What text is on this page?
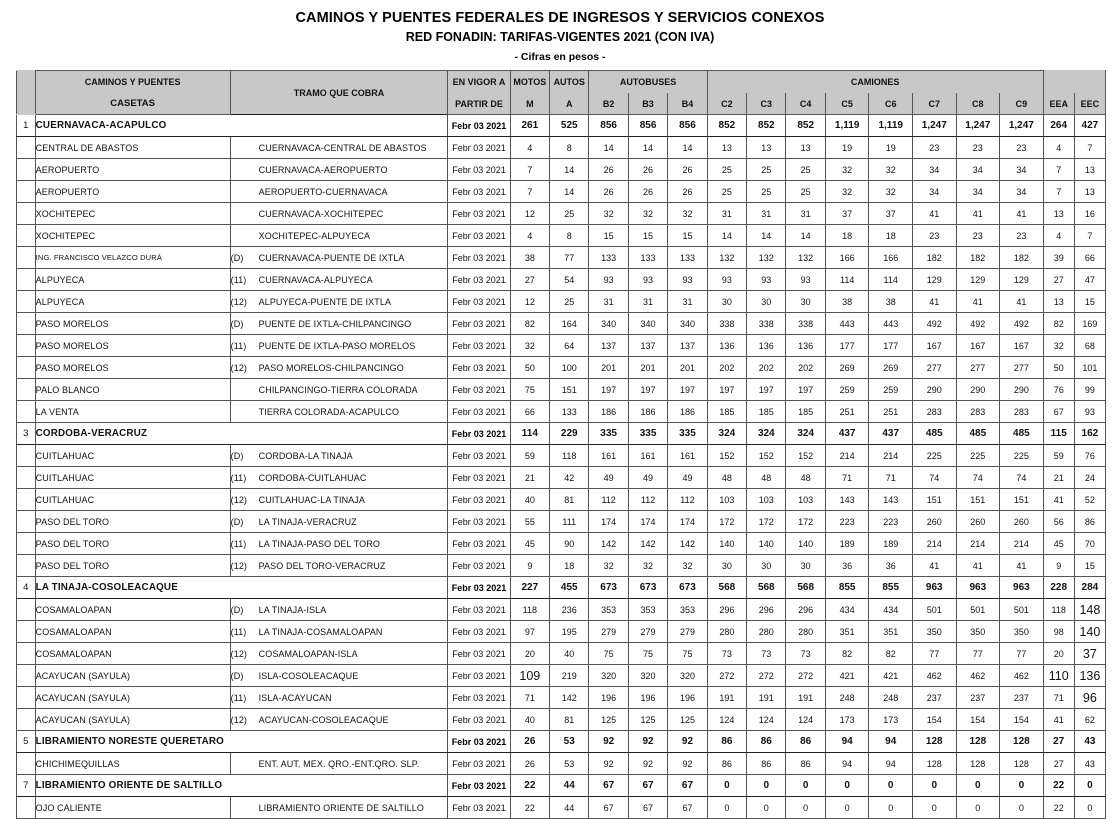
CAMINOS Y PUENTES FEDERALES DE INGRESOS Y SERVICIOS CONEXOS
RED FONADIN: TARIFAS-VIGENTES 2021 (CON IVA)
- Cifras en pesos -
	CAMINOS Y PUENTES	TRAMO QUE COBRA	EN VIGOR A	MOTOS	AUTOS	AUTOBUSES			CAMIONES									
	CASETAS		PARTIR DE	M	A	B2	B3	B4	C2	C3	C4	C5	C6	C7	C8	C9	EEA	EEC
1	CUERNAVACA-ACAPULCO		Febr 03 2021	261	525	856	856	856	852	852	852	1,119	1,119	1,247	1,247	1,247	264	427
	CENTRAL DE ABASTOS	CUERNAVACA-CENTRAL DE ABASTOS	Febr 03 2021	4	8	14	14	14	13	13	13	19	19	23	23	23	4	7
	AEROPUERTO	CUERNAVACA-AEROPUERTO	Febr 03 2021	7	14	26	26	26	25	25	25	32	32	34	34	34	7	13
	AEROPUERTO	AEROPUERTO-CUERNAVACA	Febr 03 2021	7	14	26	26	26	25	25	25	32	32	34	34	34	7	13
	XOCHITEPEC	CUERNAVACA-XOCHITEPEC	Febr 03 2021	12	25	32	32	32	31	31	31	37	37	41	41	41	13	16
	XOCHITEPEC	XOCHITEPEC-ALPUYECA	Febr 03 2021	4	8	15	15	15	14	14	14	18	18	23	23	23	4	7
	ING. FRANCISCO VELAZCO DURÁ	(D) CUERNAVACA-PUENTE DE IXTLA	Febr 03 2021	38	77	133	133	133	132	132	132	166	166	182	182	182	39	66
	ALPUYECA	(11) CUERNAVACA-ALPUYECA	Febr 03 2021	27	54	93	93	93	93	93	93	114	114	129	129	129	27	47
	ALPUYECA	(12) ALPUYECA-PUENTE DE IXTLA	Febr 03 2021	12	25	31	31	31	30	30	30	38	38	41	41	41	13	15
	PASO MORELOS	(D) PUENTE DE IXTLA-CHILPANCINGO	Febr 03 2021	82	164	340	340	340	338	338	338	443	443	492	492	492	82	169
	PASO MORELOS	(11) PUENTE DE IXTLA-PASO MORELOS	Febr 03 2021	32	64	137	137	137	136	136	136	177	177	167	167	167	32	68
	PASO MORELOS	(12) PASO MORELOS-CHILPANCINGO	Febr 03 2021	50	100	201	201	201	202	202	202	269	269	277	277	277	50	101
	PALO BLANCO	CHILPANCINGO-TIERRA COLORADA	Febr 03 2021	75	151	197	197	197	197	197	197	259	259	290	290	290	76	99
	LA VENTA	TIERRA COLORADA-ACAPULCO	Febr 03 2021	66	133	186	186	186	185	185	185	251	251	283	283	283	67	93
3	CORDOBA-VERACRUZ		Febr 03 2021	114	229	335	335	335	324	324	324	437	437	485	485	485	115	162
	CUITLAHUAC	(D) CORDOBA-LA TINAJA	Febr 03 2021	59	118	161	161	161	152	152	152	214	214	225	225	225	59	76
	CUITLAHUAC	(11) CORDOBA-CUITLAHUAC	Febr 03 2021	21	42	49	49	49	48	48	48	71	71	74	74	74	21	24
	CUITLAHUAC	(12) CUITLAHUAC-LA TINAJA	Febr 03 2021	40	81	112	112	112	103	103	103	143	143	151	151	151	41	52
	PASO DEL TORO	(D) LA TINAJA-VERACRUZ	Febr 03 2021	55	111	174	174	174	172	172	172	223	223	260	260	260	56	86
	PASO DEL TORO	(11) LA TINAJA-PASO DEL TORO	Febr 03 2021	45	90	142	142	142	140	140	140	189	189	214	214	214	45	70
	PASO DEL TORO	(12) PASO DEL TORO-VERACRUZ	Febr 03 2021	9	18	32	32	32	30	30	30	36	36	41	41	41	9	15
4	LA TINAJA-COSOLEACAQUE		Febr 03 2021	227	455	673	673	673	568	568	568	855	855	963	963	963	228	284
	COSAMALOAPAN	(D) LA TINAJA-ISLA	Febr 03 2021	118	236	353	353	353	296	296	296	434	434	501	501	501	118	148
	COSAMALOAPAN	(11) LA TINAJA-COSAMALOAPAN	Febr 03 2021	97	195	279	279	279	280	280	280	351	351	350	350	350	98	140
	COSAMALOAPAN	(12) COSAMALOAPAN-ISLA	Febr 03 2021	20	40	75	75	75	73	73	73	82	82	77	77	77	20	37
	ACAYUCAN (SAYULA)	(D) ISLA-COSOLEACAQUE	Febr 03 2021	109	219	320	320	320	272	272	272	421	421	462	462	462	110	136
	ACAYUCAN (SAYULA)	(11) ISLA-ACAYUCAN	Febr 03 2021	71	142	196	196	196	191	191	191	248	248	237	237	237	71	96
	ACAYUCAN (SAYULA)	(12) ACAYUCAN-COSOLEACAQUE	Febr 03 2021	40	81	125	125	125	124	124	124	173	173	154	154	154	41	62
5	LIBRAMIENTO NORESTE QUERETARO		Febr 03 2021	26	53	92	92	92	86	86	86	94	94	128	128	128	27	43
	CHICHIMEQUILLAS	ENT. AUT. MEX. QRO.-ENT.QRO. SLP.	Febr 03 2021	26	53	92	92	92	86	86	86	94	94	128	128	128	27	43
7	LIBRAMIENTO ORIENTE DE SALTILLO		Febr 03 2021	22	44	67	67	67	0	0	0	0	0	0	0	0	22	0
	OJO CALIENTE	LIBRAMIENTO ORIENTE DE SALTILLO	Febr 03 2021	22	44	67	67	67	0	0	0	0	0	0	0	0	22	0
